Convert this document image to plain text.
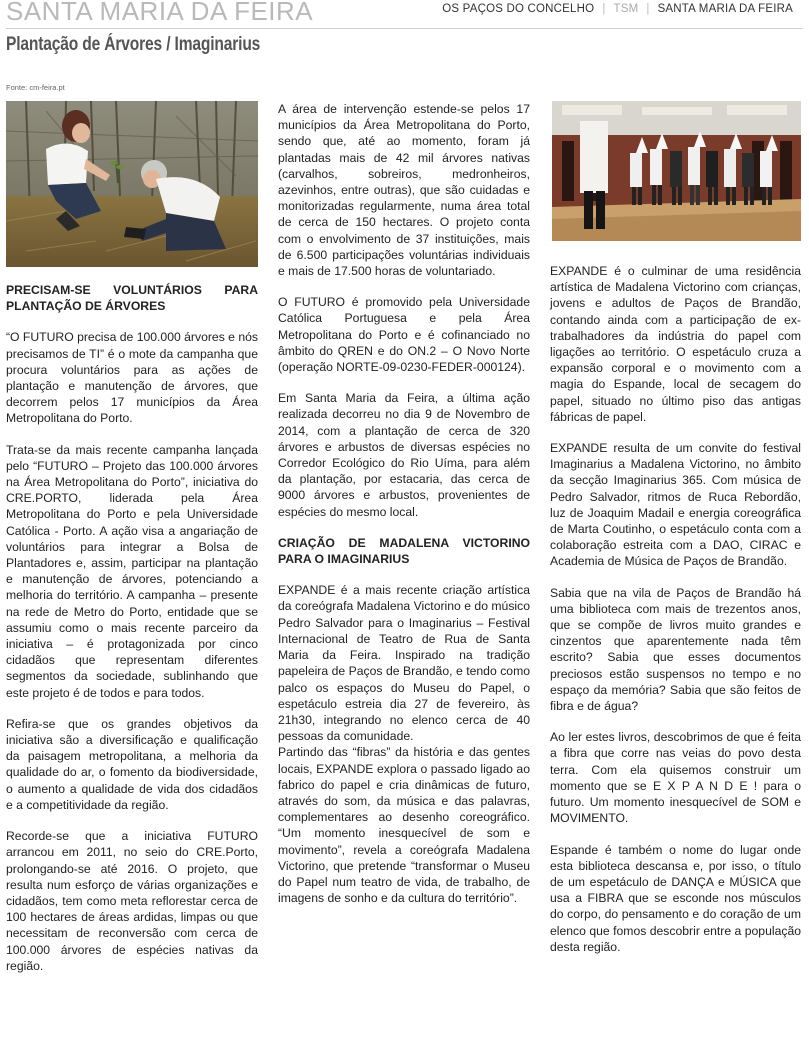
SANTA MARIA DA FEIRA	OS PAÇOS DO CONCELHO | TSM | SANTA MARIA DA FEIRA
Plantação de Árvores / Imaginarius
Fonte: cm-feira.pt
PRECISAM-SE VOLUNTÁRIOS PARA PLANTAÇÃO DE ÁRVORES

“O FUTURO precisa de 100.000 árvores e nós precisamos de TI” é o mote da campanha que procura voluntários para as ações de plantação e manutenção de árvores, que decorrem pelos 17 municípios da Área Metropolitana do Porto.

Trata-se da mais recente campanha lançada pelo “FUTURO – Projeto das 100.000 árvores na Área Metropolitana do Porto”, iniciativa do CRE.PORTO, liderada pela Área Metropolitana do Porto e pela Universidade Católica - Porto. A ação visa a angariação de voluntários para integrar a Bolsa de Plantadores e, assim, participar na plantação e manutenção de árvores, potenciando a melhoria do território. A campanha – presente na rede de Metro do Porto, entidade que se assumiu como o mais recente parceiro da iniciativa – é protagonizada por cinco cidadãos que representam diferentes segmentos da sociedade, sublinhando que este projeto é de todos e para todos.

Refira-se que os grandes objetivos da iniciativa são a diversificação e qualificação da paisagem metropolitana, a melhoria da qualidade do ar, o fomento da biodiversidade, o aumento a qualidade de vida dos cidadãos e a competitividade da região.

Recorde-se que a iniciativa FUTURO arrancou em 2011, no seio do CRE.Porto, prolongando-se até 2016. O projeto, que resulta num esforço de várias organizações e cidadãos, tem como meta reflorestar cerca de 100 hectares de áreas ardidas, limpas ou que necessitam de reconversão com cerca de 100.000 árvores de espécies nativas da região.

A área de intervenção estende-se pelos 17 municípios da Área Metropolitana do Porto, sendo que, até ao momento, foram já plantadas mais de 42 mil árvores nativas (carvalhos, sobreiros, medronheiros, azevinhos, entre outras), que são cuidadas e monitorizadas regularmente, numa área total de cerca de 150 hectares. O projeto conta com o envolvimento de 37 instituições, mais de 6.500 participações voluntárias individuais e mais de 17.500 horas de voluntariado.

O FUTURO é promovido pela Universidade Católica Portuguesa e pela Área Metropolitana do Porto e é cofinanciado no âmbito do QREN e do ON.2 – O Novo Norte (operação NORTE-09-0230-FEDER-000124).

Em Santa Maria da Feira, a última ação realizada decorreu no dia 9 de Novembro de 2014, com a plantação de cerca de 320 árvores e arbustos de diversas espécies no Corredor Ecológico do Rio Uíma, para além da plantação, por estacaria, das cerca de 9000 árvores e arbustos, provenientes de espécies do mesmo local.

CRIAÇÃO DE MADALENA VICTORINO PARA O IMAGINARIUS

EXPANDE é a mais recente criação artística da coreógrafa Madalena Victorino e do músico Pedro Salvador para o Imaginarius – Festival Internacional de Teatro de Rua de Santa Maria da Feira. Inspirado na tradição papeleira de Paços de Brandão, e tendo como palco os espaços do Museu do Papel, o espetáculo estreia dia 27 de fevereiro, às 21h30, integrando no elenco cerca de 40 pessoas da comunidade.

Partindo das “fibras” da história e das gentes locais, EXPANDE explora o passado ligado ao fabrico do papel e cria dinâmicas de futuro, através do som, da música e das palavras, complementares ao desenho coreográfico. “Um momento inesquecível de som e movimento”, revela a coreógrafa Madalena Victorino, que pretende “transformar o Museu do Papel num teatro de vida, de trabalho, de imagens de sonho e da cultura do território”.

EXPANDE é o culminar de uma residência artística de Madalena Victorino com crianças, jovens e adultos de Paços de Brandão, contando ainda com a participação de ex-trabalhadores da indústria do papel com ligações ao território. O espetáculo cruza a expansão corporal e o movimento com a magia do Espande, local de secagem do papel, situado no último piso das antigas fábricas de papel.

EXPANDE resulta de um convite do festival Imaginarius a Madalena Victorino, no âmbito da secção Imaginarius 365. Com música de Pedro Salvador, ritmos de Ruca Rebordão, luz de Joaquim Madail e energia coreográfica de Marta Coutinho, o espetáculo conta com a colaboração estreita com a DAO, CIRAC e Academia de Música de Paços de Brandão.

Sabia que na vila de Paços de Brandão há uma biblioteca com mais de trezentos anos, que se compõe de livros muito grandes e cinzentos que aparentemente nada têm escrito? Sabia que esses documentos preciosos estão suspensos no tempo e no espaço da memória? Sabia que são feitos de fibra e de água?

Ao ler estes livros, descobrimos de que é feita a fibra que corre nas veias do povo desta terra. Com ela quisemos construir um momento que se E X P A N D E ! para o futuro. Um momento inesquecível de SOM e MOVIMENTO.

Espande é também o nome do lugar onde esta biblioteca descansa e, por isso, o título de um espetáculo de DANÇA e MÚSICA que usa a FIBRA que se esconde nos músculos do corpo, do pensamento e do coração de um elenco que fomos descobrir entre a população desta região.
